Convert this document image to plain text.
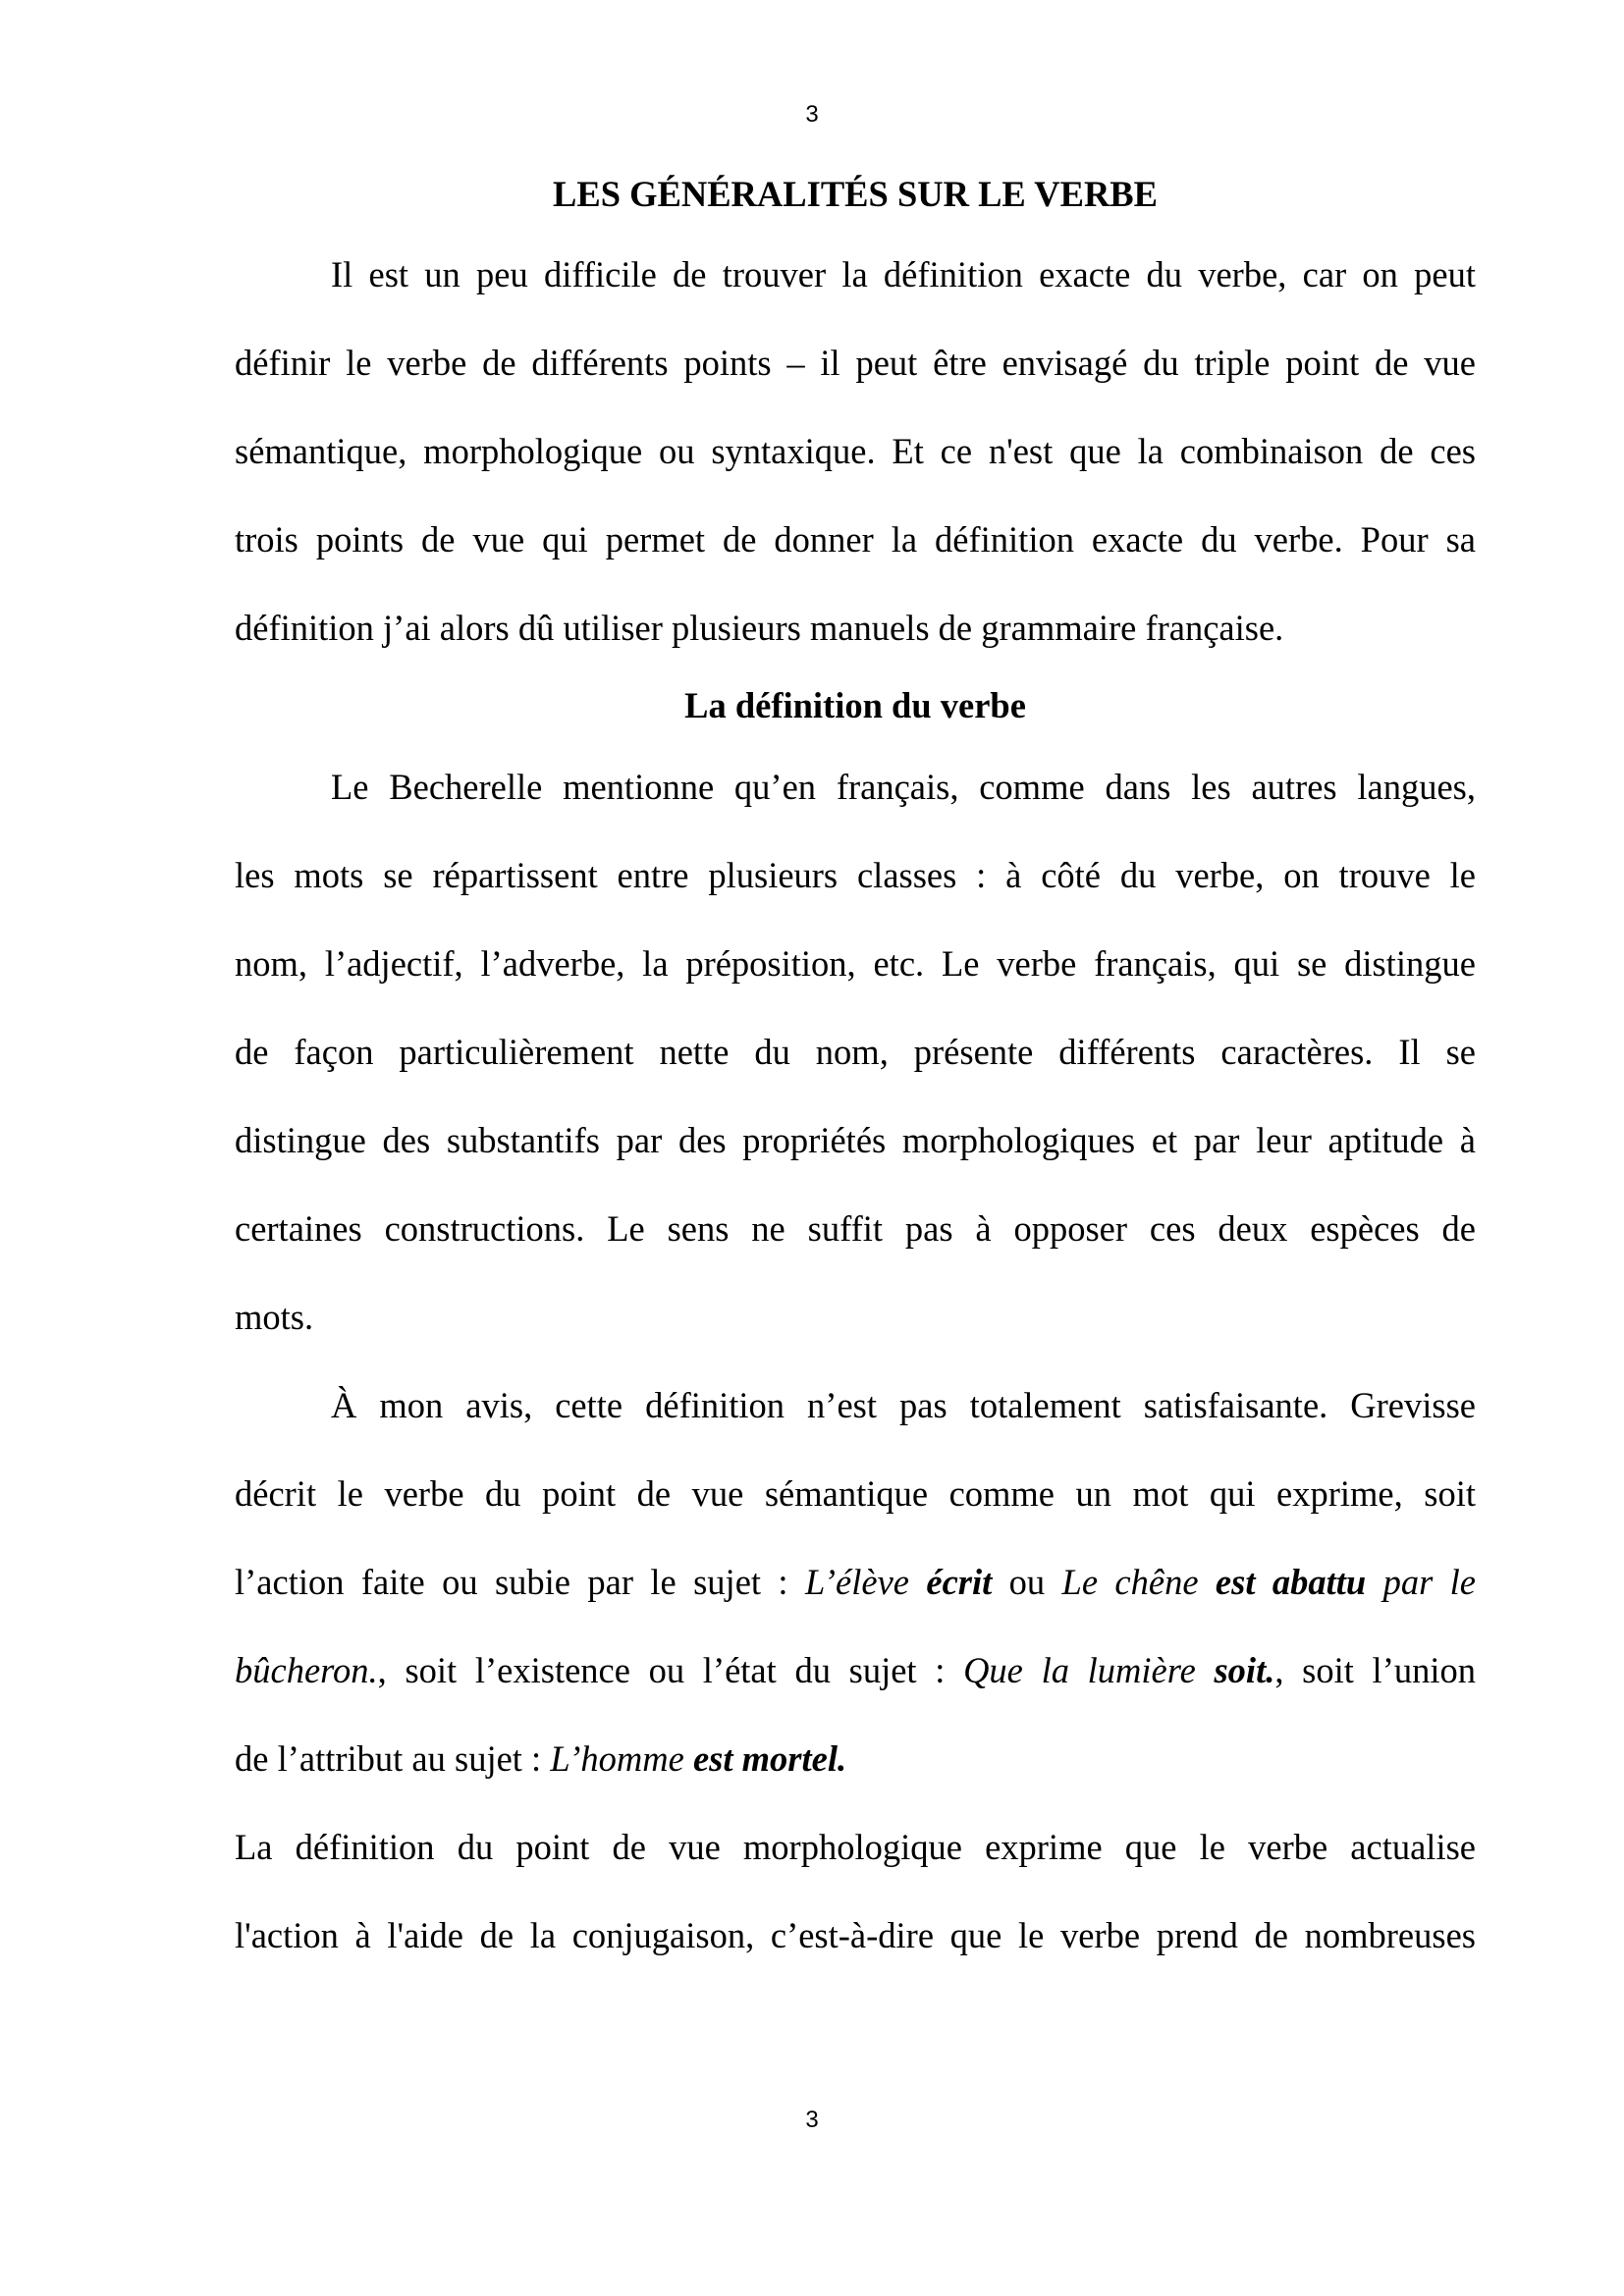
3
LES GÉNÉRALITÉS SUR LE VERBE

Il est un peu difficile de trouver la définition exacte du verbe, car on peut
définir le verbe de différents points – il peut être envisagé du triple point de vue
sémantique, morphologique ou syntaxique. Et ce n'est que la combinaison de ces
trois points de vue qui permet de donner la définition exacte du verbe. Pour sa
définition j’ai alors dû utiliser plusieurs manuels de grammaire française.

La définition du verbe

Le Becherelle mentionne qu’en français, comme dans les autres langues,
les mots se répartissent entre plusieurs classes : à côté du verbe, on trouve le
nom, l’adjectif, l’adverbe, la préposition, etc. Le verbe français, qui se distingue
de façon particulièrement nette du nom, présente différents caractères. Il se
distingue des substantifs par des propriétés morphologiques et par leur aptitude à
certaines constructions. Le sens ne suffit pas à opposer ces deux espèces de
mots.

À mon avis, cette définition n’est pas totalement satisfaisante. Grevisse
décrit le verbe du point de vue sémantique comme un mot qui exprime, soit
l’action faite ou subie par le sujet : L’élève écrit ou Le chêne est abattu par le
bûcheron., soit l’existence ou l’état du sujet : Que la lumière soit., soit l’union
de l’attribut au sujet : L’homme est mortel.

La définition du point de vue morphologique exprime que le verbe actualise
l'action à l'aide de la conjugaison, c’est-à-dire que le verbe prend de nombreuses

3
